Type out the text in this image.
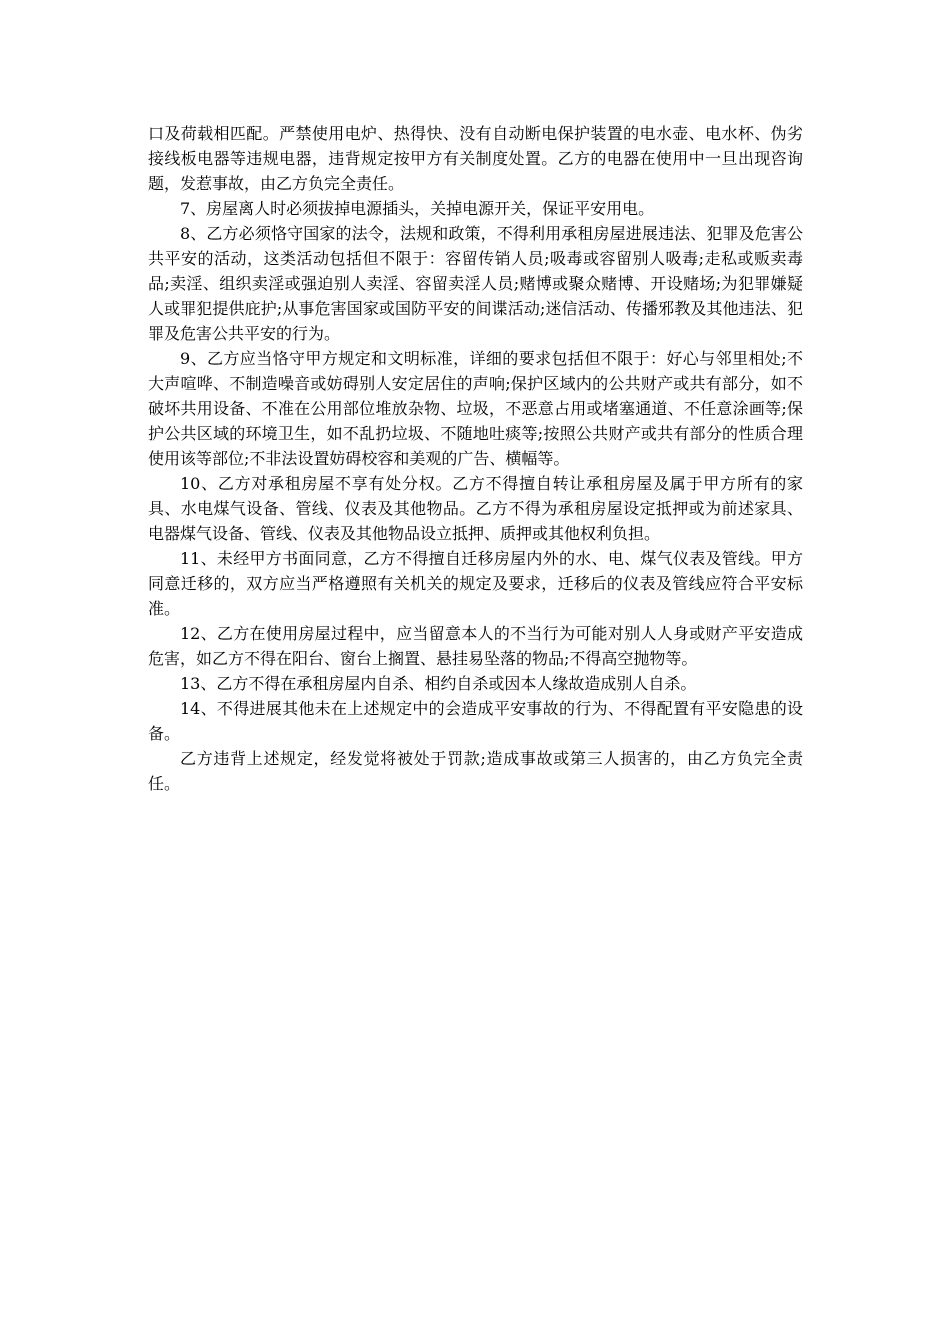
口及荷载相匹配。严禁使用电炉、热得快、没有自动断电保护装置的电水壶、电水杯、伪劣接线板电器等违规电器，违背规定按甲方有关制度处置。乙方的电器在使用中一旦出现咨询题，发惹事故，由乙方负完全责任。

7、房屋离人时必须拔掉电源插头，关掉电源开关，保证平安用电。

8、乙方必须恪守国家的法令，法规和政策，不得利用承租房屋进展违法、犯罪及危害公共平安的活动，这类活动包括但不限于：容留传销人员;吸毒或容留别人吸毒;走私或贩卖毒品;卖淫、组织卖淫或强迫别人卖淫、容留卖淫人员;赌博或聚众赌博、开设赌场;为犯罪嫌疑人或罪犯提供庇护;从事危害国家或国防平安的间谍活动;迷信活动、传播邪教及其他违法、犯罪及危害公共平安的行为。

9、乙方应当恪守甲方规定和文明标准，详细的要求包括但不限于：好心与邻里相处;不大声喧哗、不制造噪音或妨碍别人安定居住的声响;保护区域内的公共财产或共有部分，如不破坏共用设备、不准在公用部位堆放杂物、垃圾，不恶意占用或堵塞通道、不任意涂画等;保护公共区域的环境卫生，如不乱扔垃圾、不随地吐痰等;按照公共财产或共有部分的性质合理使用该等部位;不非法设置妨碍校容和美观的广告、横幅等。

10、乙方对承租房屋不享有处分权。乙方不得擅自转让承租房屋及属于甲方所有的家具、水电煤气设备、管线、仪表及其他物品。乙方不得为承租房屋设定抵押或为前述家具、电器煤气设备、管线、仪表及其他物品设立抵押、质押或其他权利负担。

11、未经甲方书面同意，乙方不得擅自迁移房屋内外的水、电、煤气仪表及管线。甲方同意迁移的，双方应当严格遵照有关机关的规定及要求，迁移后的仪表及管线应符合平安标准。

12、乙方在使用房屋过程中，应当留意本人的不当行为可能对别人人身或财产平安造成危害，如乙方不得在阳台、窗台上搁置、悬挂易坠落的物品;不得高空抛物等。

13、乙方不得在承租房屋内自杀、相约自杀或因本人缘故造成别人自杀。

14、不得进展其他未在上述规定中的会造成平安事故的行为、不得配置有平安隐患的设备。

乙方违背上述规定，经发觉将被处于罚款;造成事故或第三人损害的，由乙方负完全责任。
